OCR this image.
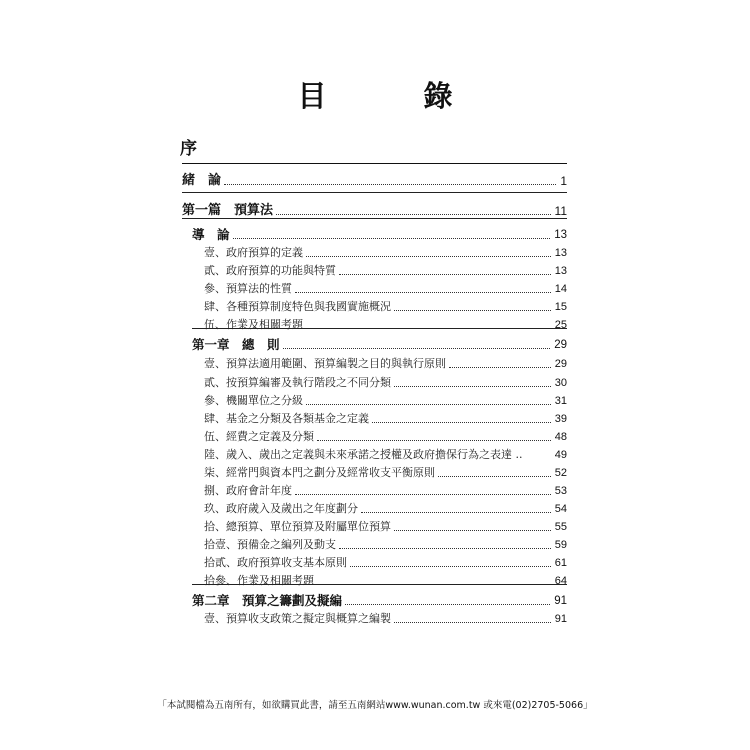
目　錄
序
緒　論	1
第一篇　預算法	11
導　論	13
壹、政府預算的定義	13
貳、政府預算的功能與特質	13
參、預算法的性質	14
肆、各種預算制度特色與我國實施概況	15
伍、作業及相關考題	25
第一章　總　則	29
壹、預算法適用範圍、預算編製之目的與執行原則	29
貳、按預算編審及執行階段之不同分類	30
參、機關單位之分級	31
肆、基金之分類及各類基金之定義	39
伍、經費之定義及分類	48
陸、歲入、歲出之定義與未來承諾之授權及政府擔保行為之表達 ..	49
柒、經常門與資本門之劃分及經常收支平衡原則	52
捌、政府會計年度	53
玖、政府歲入及歲出之年度劃分	54
拾、總預算、單位預算及附屬單位預算	55
拾壹、預備金之編列及動支	59
拾貳、政府預算收支基本原則	61
拾參、作業及相關考題	64
第二章　預算之籌劃及擬編	91
壹、預算收支政策之擬定與概算之編製	91
「本試閱檔為五南所有，如欲購買此書，請至五南網站www.wunan.com.tw 或來電(02)2705-5066」
